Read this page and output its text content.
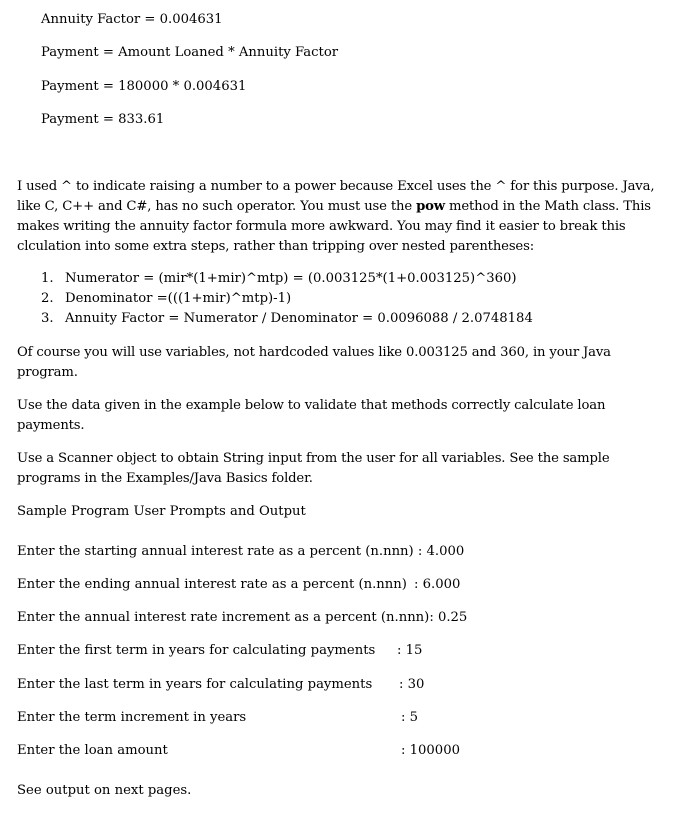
Annuity Factor = 0.004631
Payment = Amount Loaned * Annuity Factor
Payment = 180000 * 0.004631
Payment = 833.61

I used ^ to indicate raising a number to a power because Excel uses the ^ for this purpose. Java, like C, C++ and C#, has no such operator. You must use the pow method in the Math class. This makes writing the annuity factor formula more awkward. You may find it easier to break this clculation into some extra steps, rather than tripping over nested parentheses:

1. Numerator = (mir*(1+mir)^mtp) = (0.003125*(1+0.003125)^360)
2. Denominator =(((1+mir)^mtp)-1)
3. Annuity Factor = Numerator / Denominator = 0.0096088 / 2.0748184
Of course you will use variables, not hardcoded values like 0.003125 and 360, in your Java program.
Use the data given in the example below to validate that methods correctly calculate loan payments.
Use a Scanner object to obtain String input from the user for all variables. See the sample programs in the Examples/Java Basics folder.
Sample Program User Prompts and Output
Enter the starting annual interest rate as a percent (n.nnn) : 4.000
Enter the ending annual interest rate as a percent (n.nnn) : 6.000
Enter the annual interest rate increment as a percent (n.nnn): 0.25
Enter the first term in years for calculating payments : 15
Enter the last term in years for calculating payments : 30
Enter the term increment in years	: 5
Enter the loan amount	: 100000
See output on next pages.
